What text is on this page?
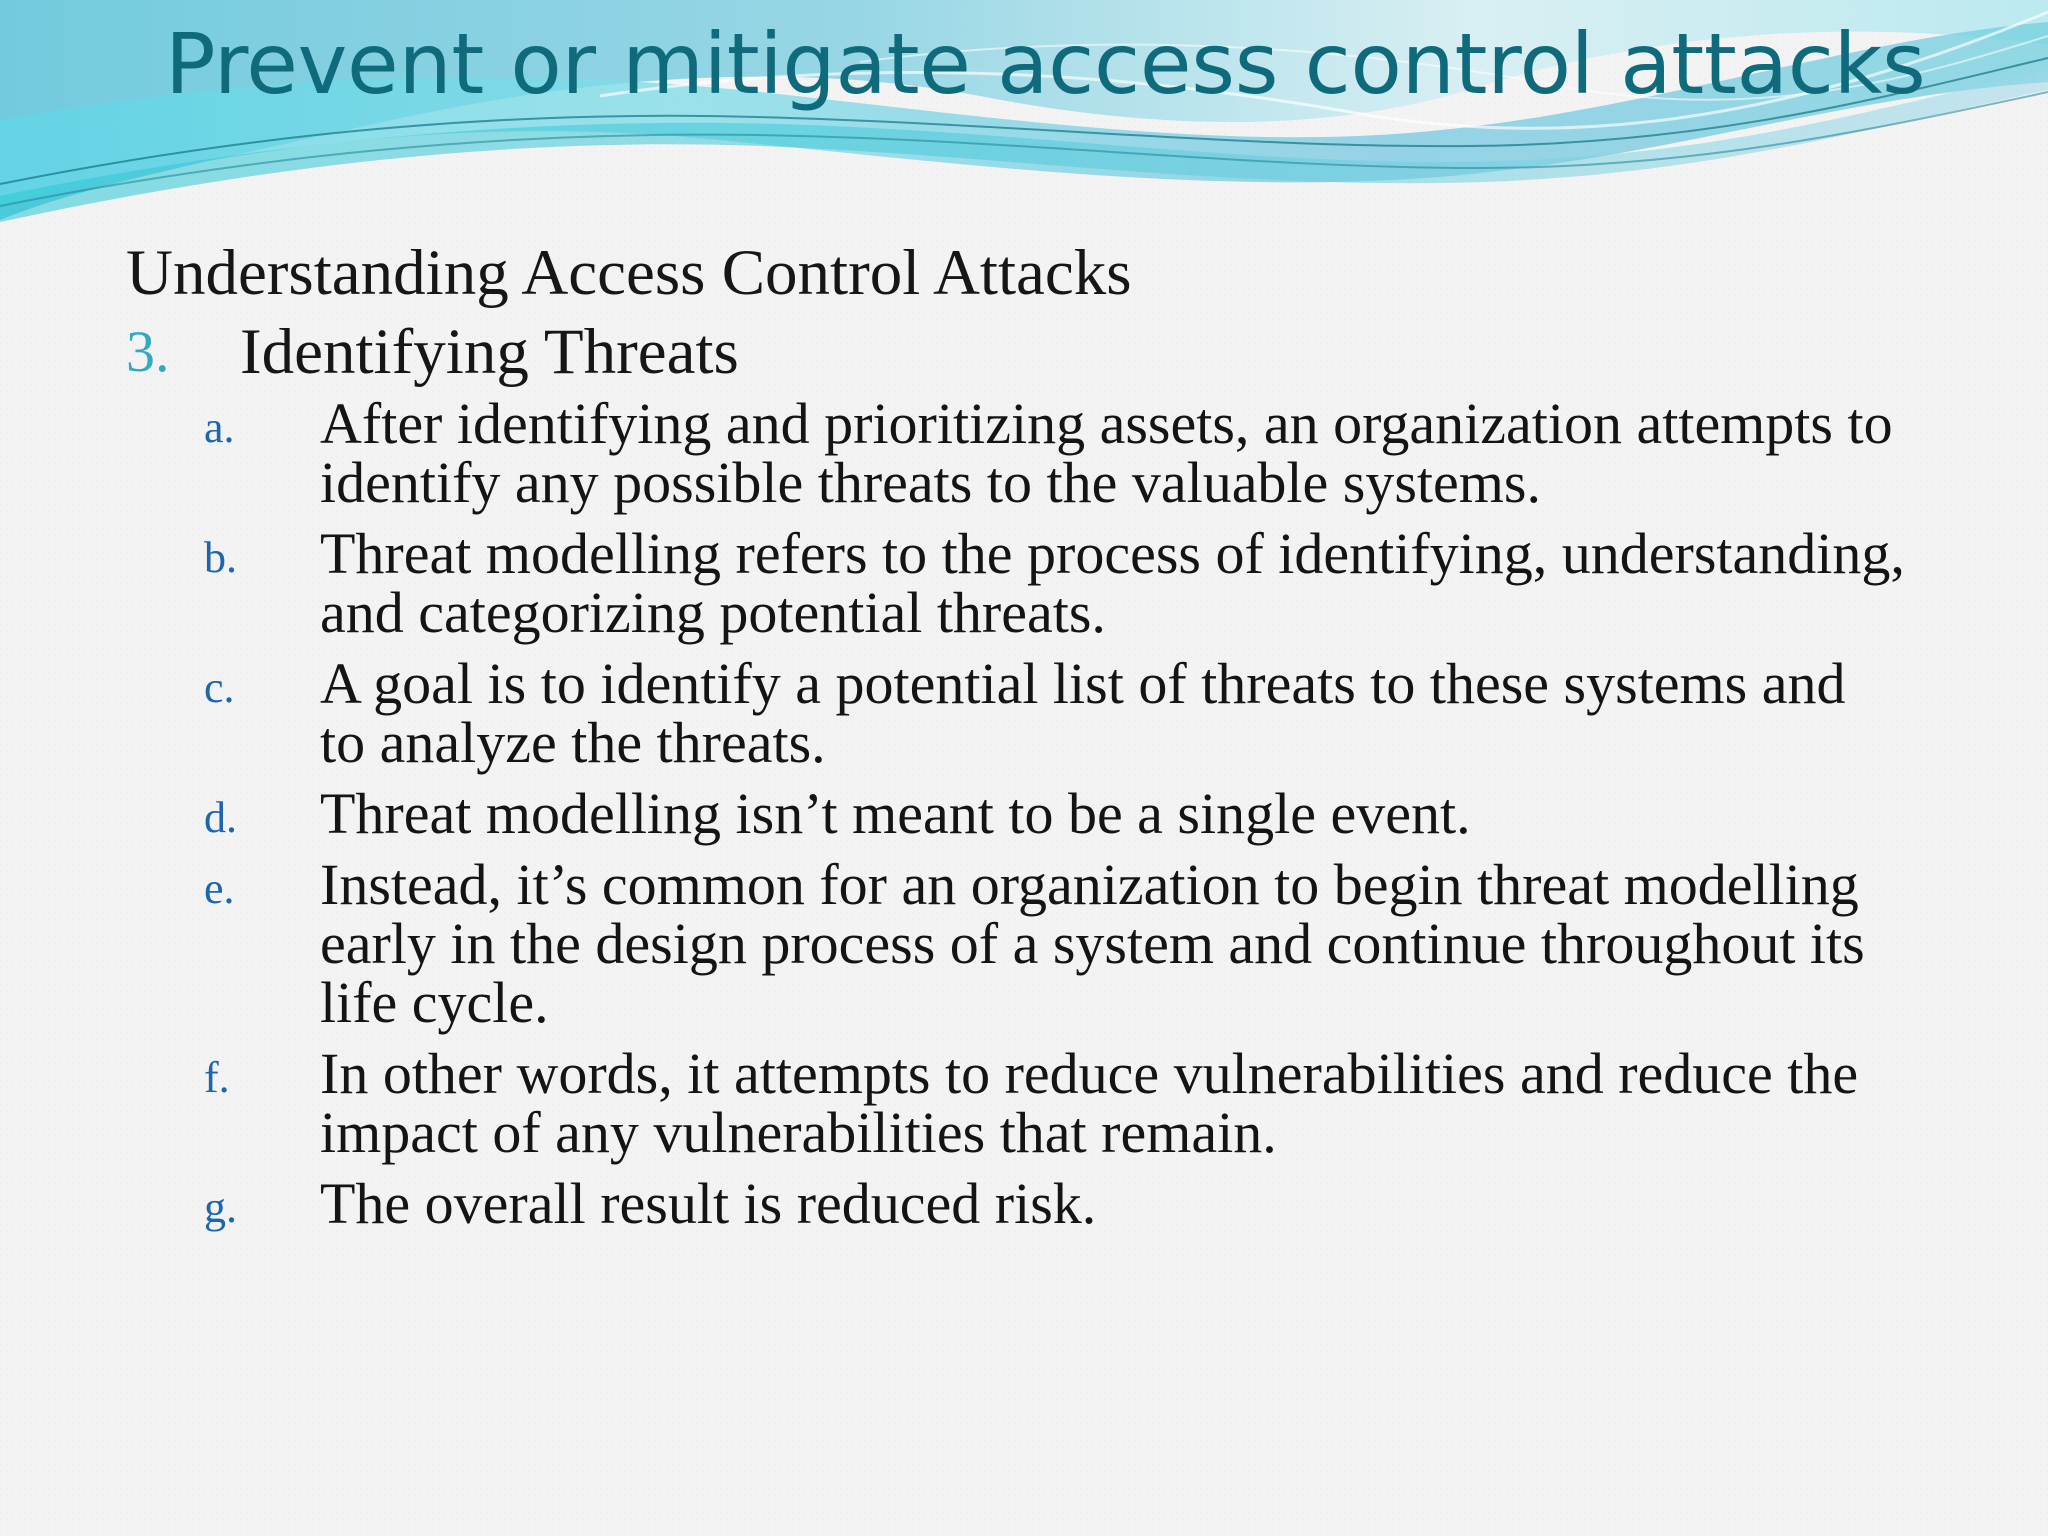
Prevent or mitigate access control attacks

Understanding Access Control Attacks

3.	Identifying Threats
a.	After identifying and prioritizing assets, an organization attempts to identify any possible threats to the valuable systems.
b.	Threat modelling refers to the process of identifying, understanding, and categorizing potential threats.
c.	A goal is to identify a potential list of threats to these systems and to analyze the threats.
d.	Threat modelling isn’t meant to be a single event.
e.	Instead, it’s common for an organization to begin threat modelling early in the design process of a system and continue throughout its life cycle.
f.	In other words, it attempts to reduce vulnerabilities and reduce the impact of any vulnerabilities that remain.
g.	The overall result is reduced risk.
